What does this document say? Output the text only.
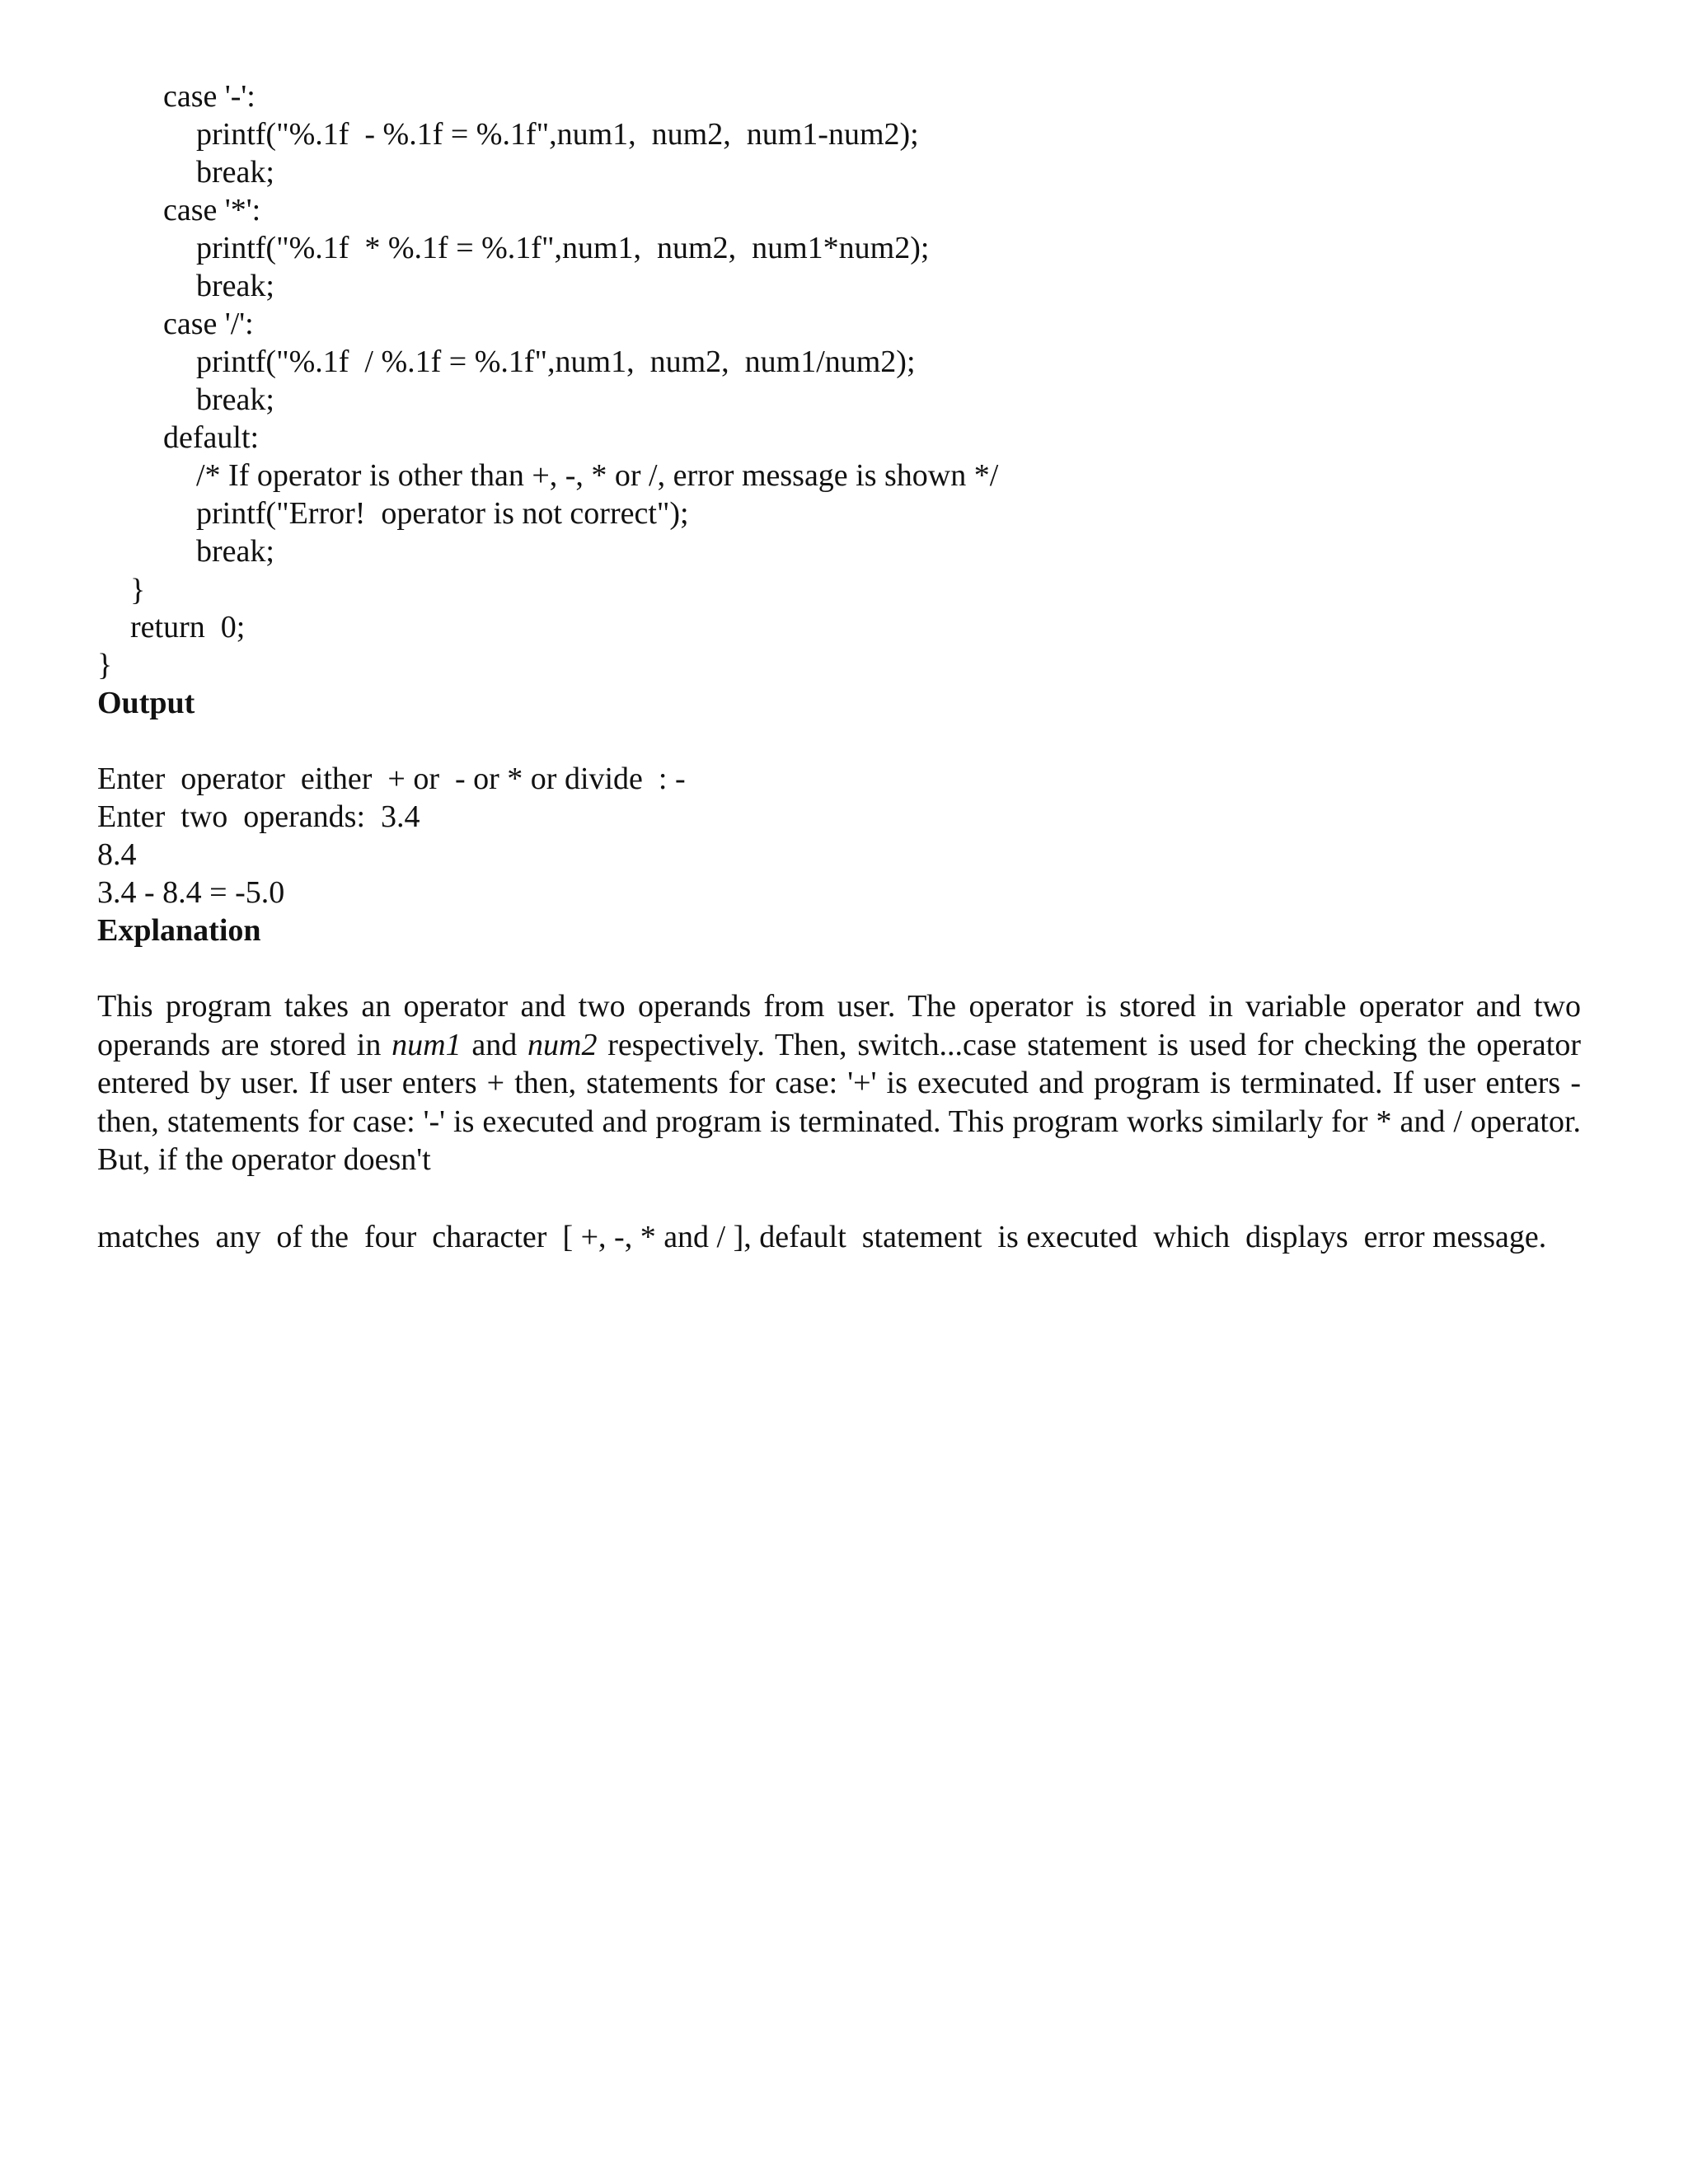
case '-':
printf("%.1f  - %.1f = %.1f",num1,  num2,  num1-num2);
break;
case '*':
printf("%.1f  * %.1f = %.1f",num1,  num2,  num1*num2);
break;
case '/':
printf("%.1f  / %.1f = %.1f",num1,  num2,  num1/num2);
break;
default:
/* If operator is other than +, -, * or /, error message is shown */
printf("Error!  operator is not correct");
break;
}
return  0;
}
Output
Enter  operator  either  + or  - or * or divide  : -
Enter  two  operands:  3.4
8.4
3.4 - 8.4 = -5.0
Explanation
This program takes an operator and two operands from user. The operator is stored in variable operator and two operands are stored in num1 and num2 respectively. Then, switch...case statement is used for checking the operator entered by user. If user enters + then, statements for case: '+' is executed and program is terminated. If user enters - then, statements for case: '-' is executed and program is terminated. This program works similarly for * and / operator. But, if the operator doesn't
matches  any  of the  four  character  [ +, -, * and / ], default  statement  is executed  which  displays  error message.
